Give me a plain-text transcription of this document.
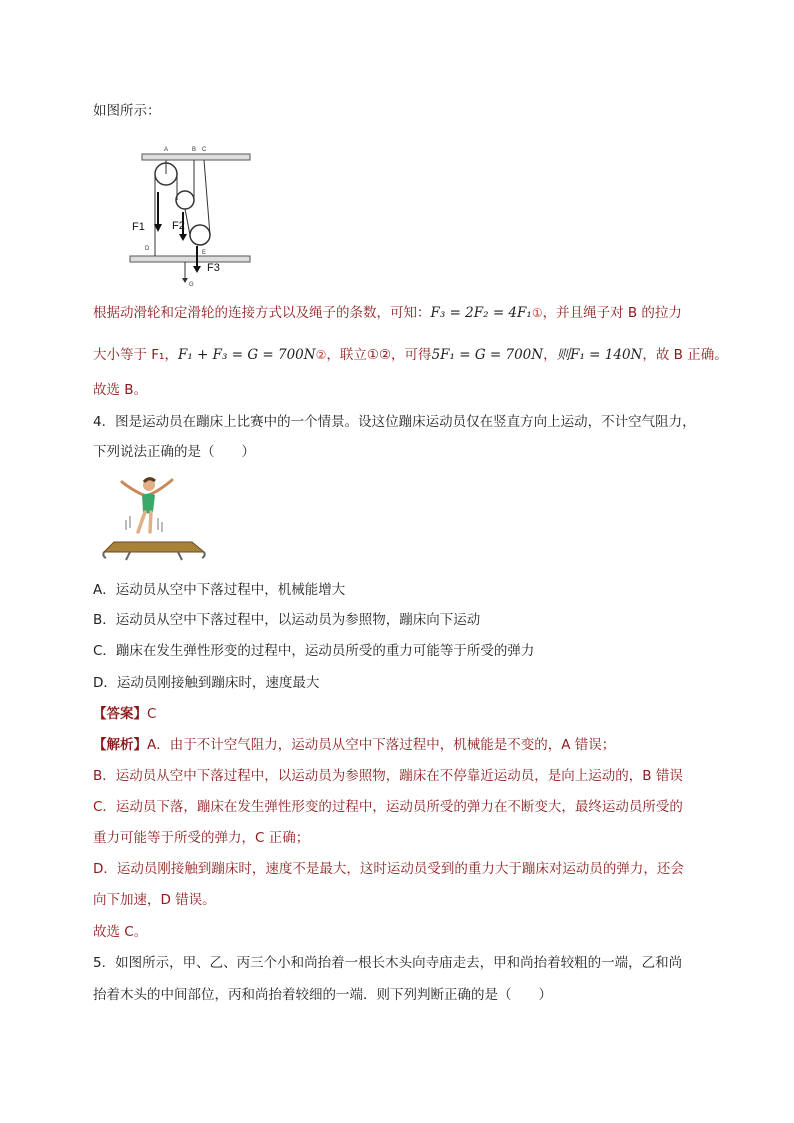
如图所示：
A	B C
D
E
G
F1 F2
F3
根据动滑轮和定滑轮的连接方式以及绳子的条数，可知：F₃ = 2F₂ = 4F₁①，并且绳子对 B 的拉力
大小等于 F₁，F₁ + F₃ = G = 700N②，联立①②，可得5F₁ = G = 700N，则F₁ = 140N，故 B 正确。
故选 B。
4．图是运动员在蹦床上比赛中的一个情景。设这位蹦床运动员仅在竖直方向上运动，不计空气阻力，
下列说法正确的是（　　）
A．运动员从空中下落过程中，机械能增大
B．运动员从空中下落过程中，以运动员为参照物，蹦床向下运动
C．蹦床在发生弹性形变的过程中，运动员所受的重力可能等于所受的弹力
D．运动员刚接触到蹦床时，速度最大
【答案】C
【解析】A．由于不计空气阻力，运动员从空中下落过程中，机械能是不变的，A 错误；
B．运动员从空中下落过程中，以运动员为参照物，蹦床在不停靠近运动员，是向上运动的，B 错误
C．运动员下落，蹦床在发生弹性形变的过程中，运动员所受的弹力在不断变大，最终运动员所受的
重力可能等于所受的弹力，C 正确；
D．运动员刚接触到蹦床时，速度不是最大，这时运动员受到的重力大于蹦床对运动员的弹力，还会
向下加速，D 错误。
故选 C。
5．如图所示，甲、乙、丙三个小和尚抬着一根长木头向寺庙走去，甲和尚抬着较粗的一端，乙和尚
抬着木头的中间部位，丙和尚抬着较细的一端．则下列判断正确的是（　　）
